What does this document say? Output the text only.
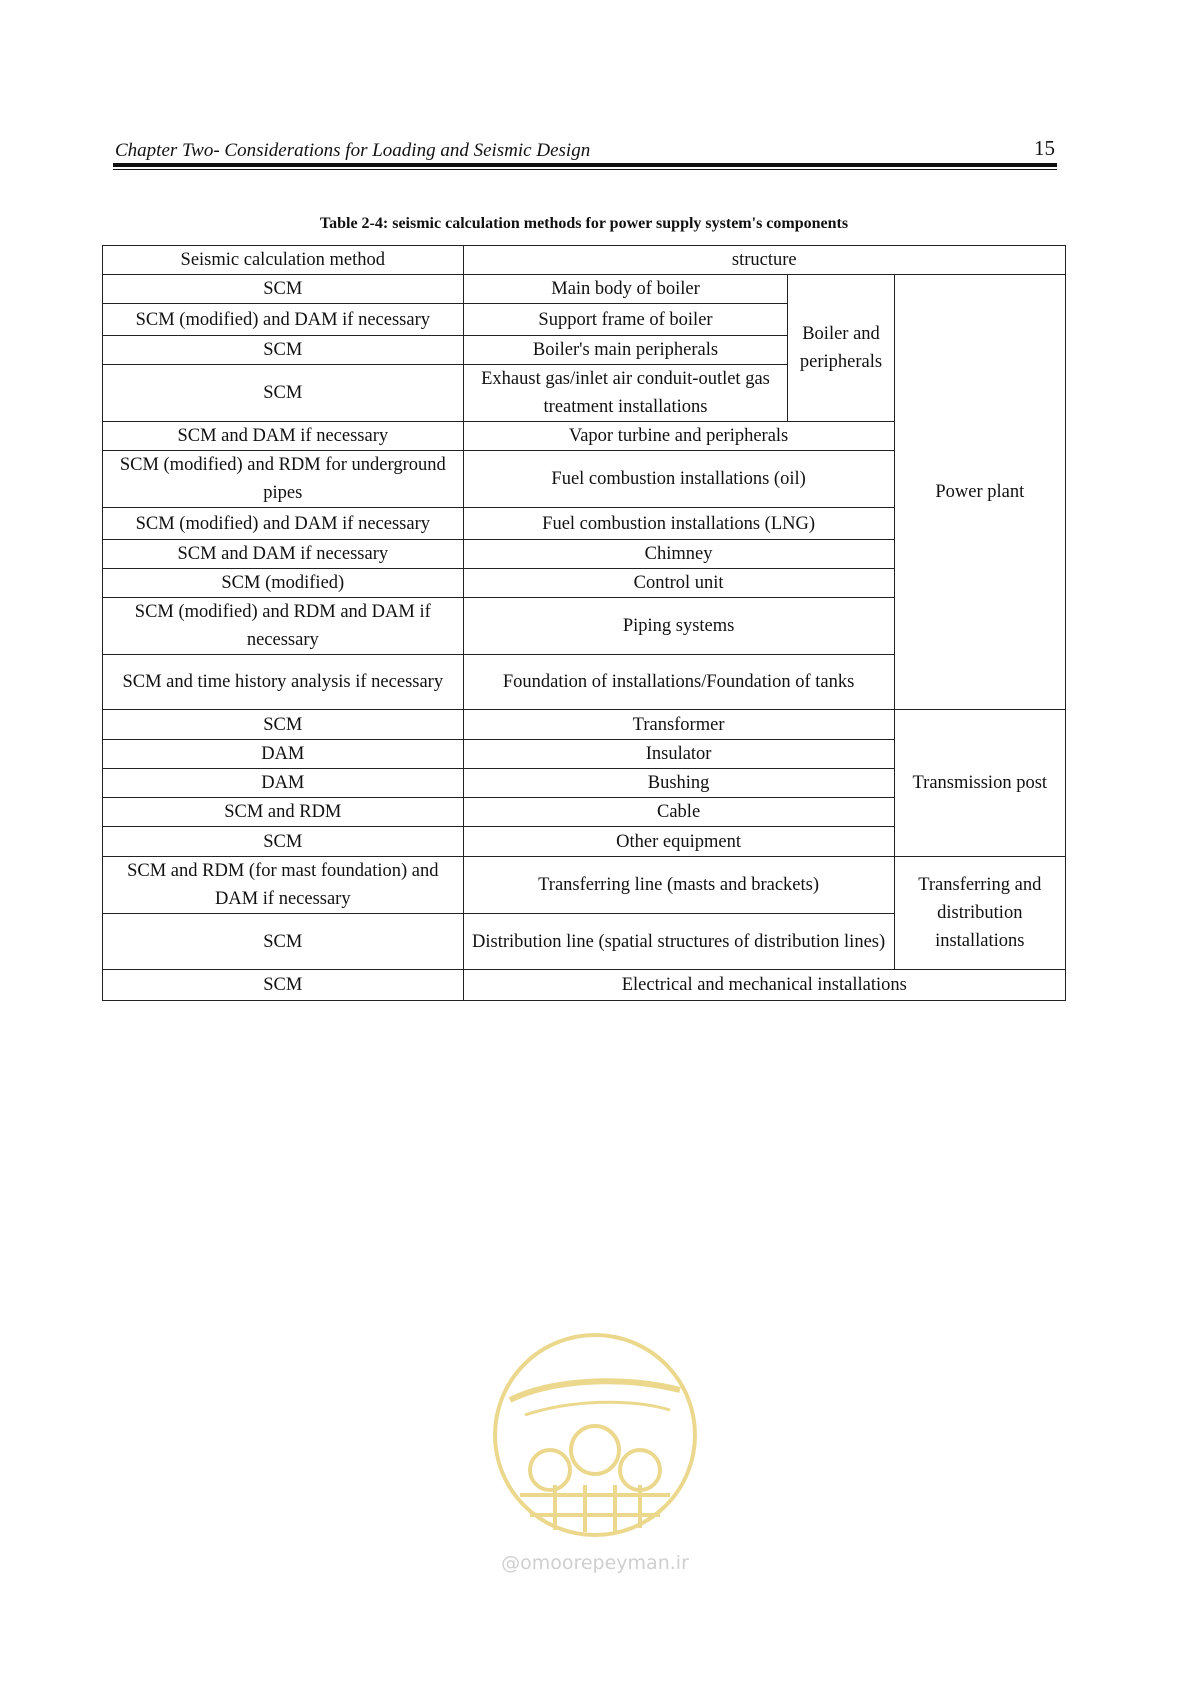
Chapter Two- Considerations for Loading and Seismic Design	15
Table 2-4: seismic calculation methods for power supply system's components
Seismic calculation method	structure		
SCM	Main body of boiler	Boiler and peripherals	Power plant
SCM (modified) and DAM if necessary	Support frame of boiler		
SCM	Boiler's main peripherals		
SCM	Exhaust gas/inlet air conduit-outlet gas treatment installations		
SCM and DAM if necessary	Vapor turbine and peripherals		
SCM (modified) and RDM for underground pipes	Fuel combustion installations (oil)		
SCM (modified) and DAM if necessary	Fuel combustion installations (LNG)		
SCM and DAM if necessary	Chimney		
SCM (modified)	Control unit		
SCM (modified) and RDM and DAM if necessary	Piping systems		
SCM and time history analysis if necessary	Foundation of installations/Foundation of tanks		
SCM	Transformer		Transmission post
DAM	Insulator		
DAM	Bushing		
SCM and RDM	Cable		
SCM	Other equipment		
SCM and RDM (for mast foundation) and DAM if necessary	Transferring line (masts and brackets)		Transferring and distribution installations
SCM	Distribution line (spatial structures of distribution lines)		
SCM	Electrical and mechanical installations		
@omoorepeyman.ir
